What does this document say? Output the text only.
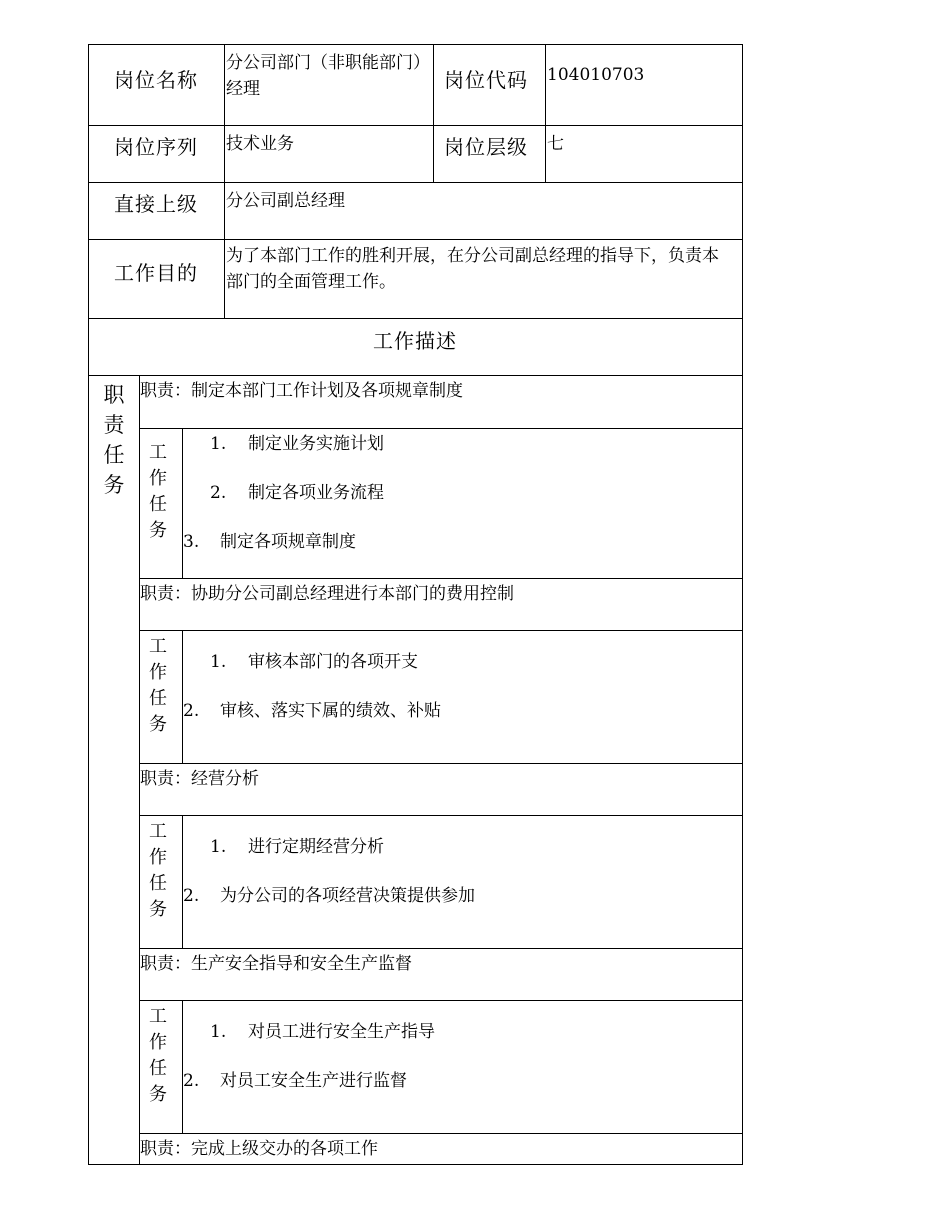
岗位名称
分公司部门（非职能部门）经理	岗位代码 104010703
岗位序列 技术业务	岗位层级 七
直接上级 分公司副总经理
工作目的
为了本部门工作的胜利开展，在分公司副总经理的指导下，负责本部门的全面管理工作。
工作描述
职责任务
职责：制定本部门工作计划及各项规章制度
工作任务
1. 制定业务实施计划
2. 制定各项业务流程
3. 制定各项规章制度
职责：协助分公司副总经理进行本部门的费用控制
工作任务
1. 审核本部门的各项开支
2. 审核、落实下属的绩效、补贴
职责：经营分析
工作任务
1. 进行定期经营分析
2. 为分公司的各项经营决策提供参加
职责：生产安全指导和安全生产监督
工作任务
1. 对员工进行安全生产指导
2. 对员工安全生产进行监督
职责：完成上级交办的各项工作
